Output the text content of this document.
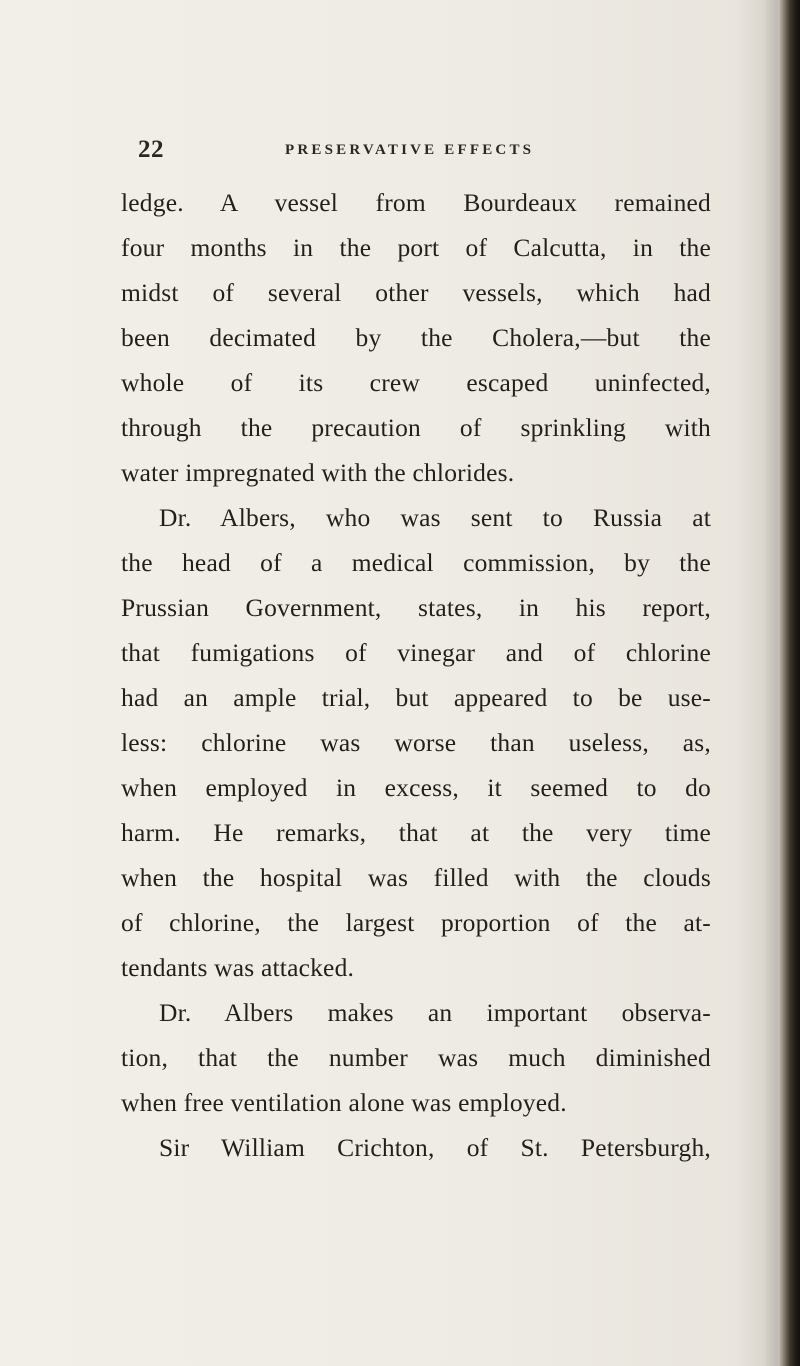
22	PRESERVATIVE EFFECTS
ledge. A vessel from Bourdeaux remained
four months in the port of Calcutta, in the
midst of several other vessels, which had
been decimated by the Cholera,—but the
whole of its crew escaped uninfected,
through the precaution of sprinkling with
water impregnated with the chlorides.
Dr. Albers, who was sent to Russia at
the head of a medical commission, by the
Prussian Government, states, in his report,
that fumigations of vinegar and of chlorine
had an ample trial, but appeared to be use-
less: chlorine was worse than useless, as,
when employed in excess, it seemed to do
harm. He remarks, that at the very time
when the hospital was filled with the clouds
of chlorine, the largest proportion of the at-
tendants was attacked.
Dr. Albers makes an important observa-
tion, that the number was much diminished
when free ventilation alone was employed.
Sir William Crichton, of St. Petersburgh,
